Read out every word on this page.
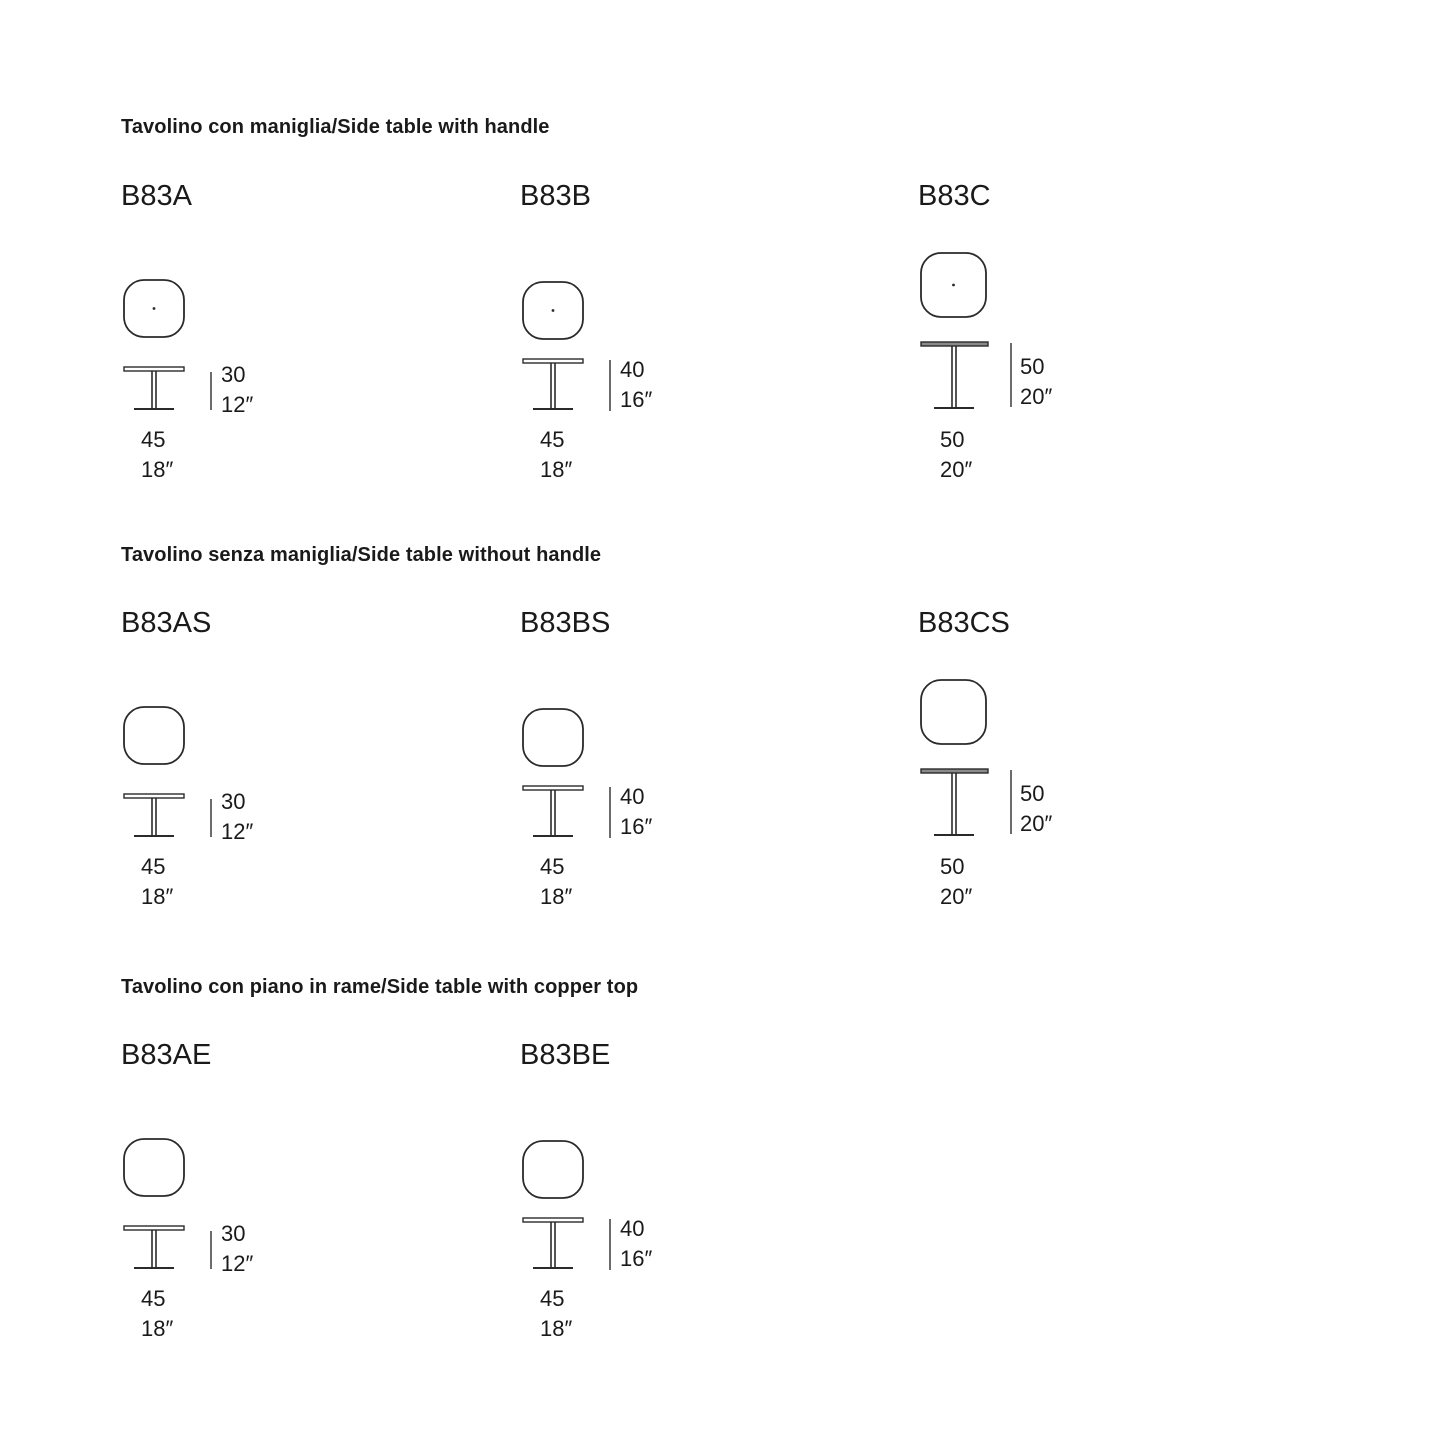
Tavolino con maniglia/Side table with handle
Tavolino senza maniglia/Side table without handle
Tavolino con piano in rame/Side table with copper top
B83A
30
12″
45
18″
B83B
40
16″
45
18″
B83C
50
20″
50
20″
B83AS
30
12″
45
18″
B83BS
40
16″
45
18″
B83CS
50
20″
50
20″
B83AE
30
12″
45
18″
B83BE
40
16″
45
18″
